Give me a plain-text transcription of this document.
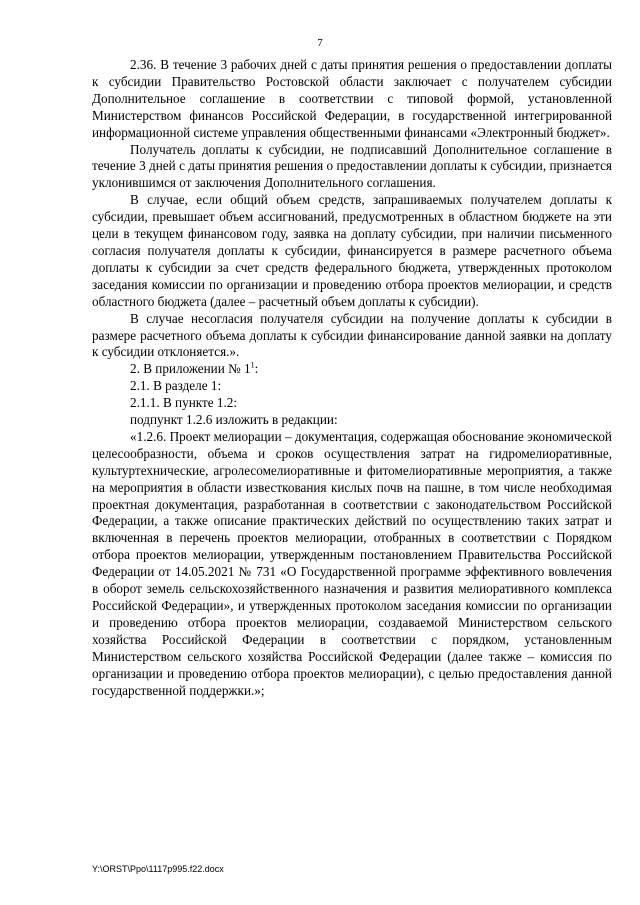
7

2.36. В течение 3 рабочих дней с даты принятия решения о предоставлении доплаты к субсидии Правительство Ростовской области заключает с получателем субсидии Дополнительное соглашение в соответствии с типовой формой, установленной Министерством финансов Российской Федерации, в государственной интегрированной информационной системе управления общественными финансами «Электронный бюджет».

Получатель доплаты к субсидии, не подписавший Дополнительное соглашение в течение 3 дней с даты принятия решения о предоставлении доплаты к субсидии, признается уклонившимся от заключения Дополнительного соглашения.

В случае, если общий объем средств, запрашиваемых получателем доплаты к субсидии, превышает объем ассигнований, предусмотренных в областном бюджете на эти цели в текущем финансовом году, заявка на доплату субсидии, при наличии письменного согласия получателя доплаты к субсидии, финансируется в размере расчетного объема доплаты к субсидии за счет средств федерального бюджета, утвержденных протоколом заседания комиссии по организации и проведению отбора проектов мелиорации, и средств областного бюджета (далее – расчетный объем доплаты к субсидии).

В случае несогласия получателя субсидии на получение доплаты к субсидии в размере расчетного объема доплаты к субсидии финансирование данной заявки на доплату к субсидии отклоняется.».

2. В приложении № $1^1$:

2.1. В разделе 1:

2.1.1. В пункте 1.2:

подпункт 1.2.6 изложить в редакции:

«1.2.6. Проект мелиорации – документация, содержащая обоснование экономической целесообразности, объема и сроков осуществления затрат на гидромелиоративные, культуртехнические, агролесомелиоративные и фитомелиоративные мероприятия, а также на мероприятия в области известкования кислых почв на пашне, в том числе необходимая проектная документация, разработанная в соответствии с законодательством Российской Федерации, а также описание практических действий по осуществлению таких затрат и включенная в перечень проектов мелиорации, отобранных в соответствии с Порядком отбора проектов мелиорации, утвержденным постановлением Правительства Российской Федерации от 14.05.2021 № 731 «О Государственной программе эффективного вовлечения в оборот земель сельскохозяйственного назначения и развития мелиоративного комплекса Российской Федерации», и утвержденных протоколом заседания комиссии по организации и проведению отбора проектов мелиорации, создаваемой Министерством сельского хозяйства Российской Федерации в соответствии с порядком, установленным Министерством сельского хозяйства Российской Федерации (далее также – комиссия по организации и проведению отбора проектов мелиорации), с целью предоставления данной государственной поддержки.»;

Y:\ORST\Ppo\1117p995.f22.docx
